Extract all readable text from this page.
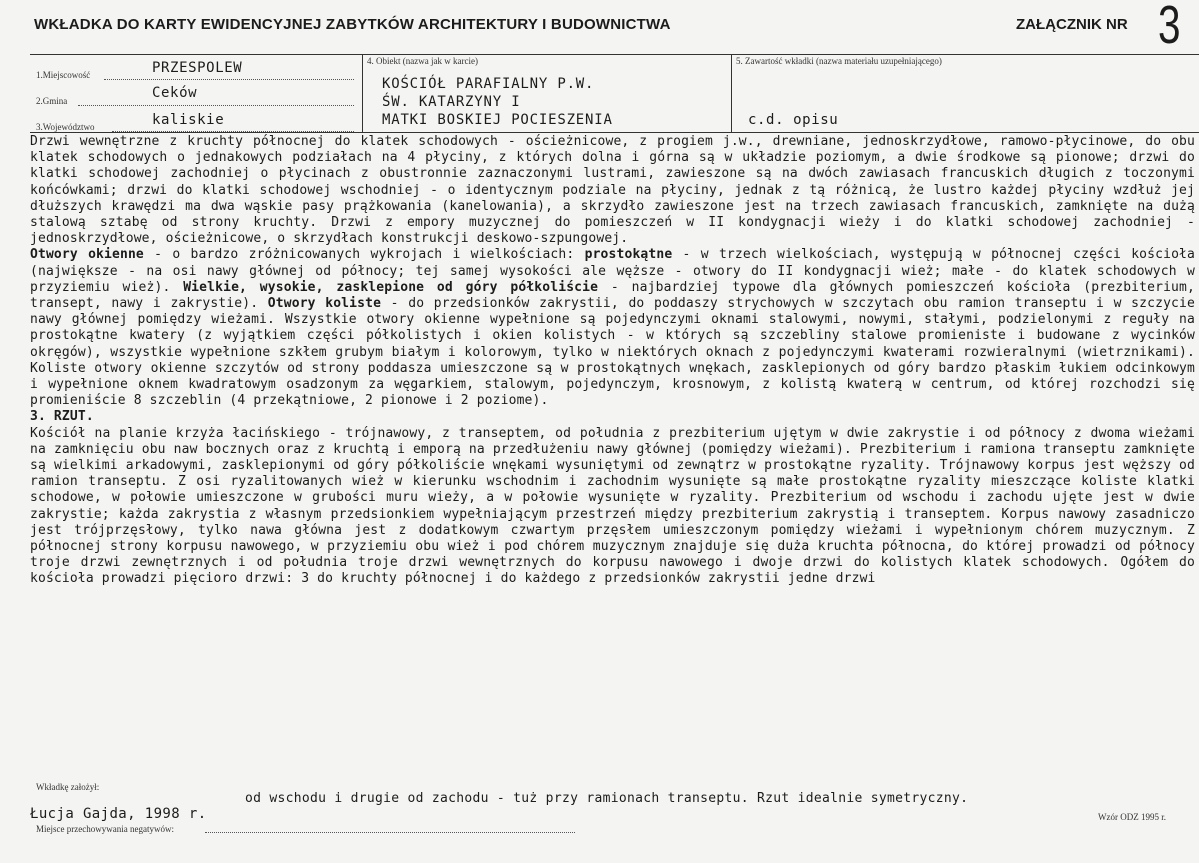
WKŁADKA DO KARTY EWIDENCYJNEJ ZABYTKÓW ARCHITEKTURY I BUDOWNICTWA	ZAŁĄCZNIK NR 3
1.Miejscowość	PRZESPOLEW
2.Gmina	Ceków
3.Województwo	kaliskie
4. Obiekt (nazwa jak w karcie)
KOŚCIÓŁ PARAFIALNY P.W.
ŚW. KATARZYNY I
MATKI BOSKIEJ POCIESZENIA
5. Zawartość wkładki (nazwa materiału uzupełniającego)
c.d. opisu

Drzwi wewnętrzne z kruchty północnej do klatek schodowych - ościeżnicowe, z progiem j.w., drewniane, jednoskrzydłowe, ramowo-płycinowe, do obu klatek schodowych o jednakowych podziałach na 4 płyciny, z których dolna i górna są w układzie poziomym, a dwie środkowe są pionowe; drzwi do klatki schodowej zachodniej o płycinach z obustronnie zaznaczonymi lustrami, zawieszone są na dwóch zawiasach francuskich długich z toczonymi końcówkami; drzwi do klatki schodowej wschodniej - o identycznym podziale na płyciny, jednak z tą różnicą, że lustro każdej płyciny wzdłuż jej dłuższych krawędzi ma dwa wąskie pasy prążkowania (kanelowania), a skrzydło zawieszone jest na trzech zawiasach francuskich, zamknięte na dużą stalową sztabę od strony kruchty. Drzwi z empory muzycznej do pomieszczeń w II kondygnacji wieży i do klatki schodowej zachodniej - jednoskrzydłowe, ościeżnicowe, o skrzydłach konstrukcji deskowo-szpungowej.

Otwory okienne - o bardzo zróżnicowanych wykrojach i wielkościach: prostokątne - w trzech wielkościach, występują w północnej części kościoła (największe - na osi nawy głównej od północy; tej samej wysokości ale węższe - otwory do II kondygnacji wież; małe - do klatek schodowych w przyziemiu wież). Wielkie, wysokie, zasklepione od góry półkoliście - najbardziej typowe dla głównych pomieszczeń kościoła (prezbiterium, transept, nawy i zakrystie). Otwory koliste - do przedsionków zakrystii, do poddaszy strychowych w szczytach obu ramion transeptu i w szczycie nawy głównej pomiędzy wieżami. Wszystkie otwory okienne wypełnione są pojedynczymi oknami stalowymi, nowymi, stałymi, podzielonymi z reguły na prostokątne kwatery (z wyjątkiem części półkolistych i okien kolistych - w których są szczebliny stalowe promieniste i budowane z wycinków okręgów), wszystkie wypełnione szkłem grubym białym i kolorowym, tylko w niektórych oknach z pojedynczymi kwaterami rozwieralnymi (wietrznikami). Koliste otwory okienne szczytów od strony poddasza umieszczone są w prostokątnych wnękach, zasklepionych od góry bardzo płaskim łukiem odcinkowym i wypełnione oknem kwadratowym osadzonym za węgarkiem, stalowym, pojedynczym, krosnowym, z kolistą kwaterą w centrum, od której rozchodzi się promieniście 8 szczeblin (4 przekątniowe, 2 pionowe i 2 poziome).

3. RZUT.

Kościół na planie krzyża łacińskiego - trójnawowy, z transeptem, od południa z prezbiterium ujętym w dwie zakrystie i od północy z dwoma wieżami na zamknięciu obu naw bocznych oraz z kruchtą i emporą na przedłużeniu nawy głównej (pomiędzy wieżami). Prezbiterium i ramiona transeptu zamknięte są wielkimi arkadowymi, zasklepionymi od góry półkoliście wnękami wysuniętymi od zewnątrz w prostokątne ryzality. Trójnawowy korpus jest węższy od ramion transeptu. Z osi ryzalitowanych wież w kierunku wschodnim i zachodnim wysunięte są małe prostokątne ryzality mieszczące koliste klatki schodowe, w połowie umieszczone w grubości muru wieży, a w połowie wysunięte w ryzality. Prezbiterium od wschodu i zachodu ujęte jest w dwie zakrystie; każda zakrystia z własnym przedsionkiem wypełniającym przestrzeń między prezbiterium zakrystią i transeptem. Korpus nawowy zasadniczo jest trójprzęsłowy, tylko nawa główna jest z dodatkowym czwartym przęsłem umieszczonym pomiędzy wieżami i wypełnionym chórem muzycznym. Z północnej strony korpusu nawowego, w przyziemiu obu wież i pod chórem muzycznym znajduje się duża kruchta północna, do której prowadzi od północy troje drzwi zewnętrznych i od południa troje drzwi wewnętrznych do korpusu nawowego i dwoje drzwi do kolistych klatek schodowych. Ogółem do kościoła prowadzi pięcioro drzwi: 3 do kruchty północnej i do każdego z przedsionków zakrystii jedne drzwi

od wschodu i drugie od zachodu - tuż przy ramionach transeptu. Rzut idealnie symetryczny.
Wkładkę założył:
Łucja Gajda, 1998 r.
Miejsce przechowywania negatywów:
Wzór ODZ 1995 r.
